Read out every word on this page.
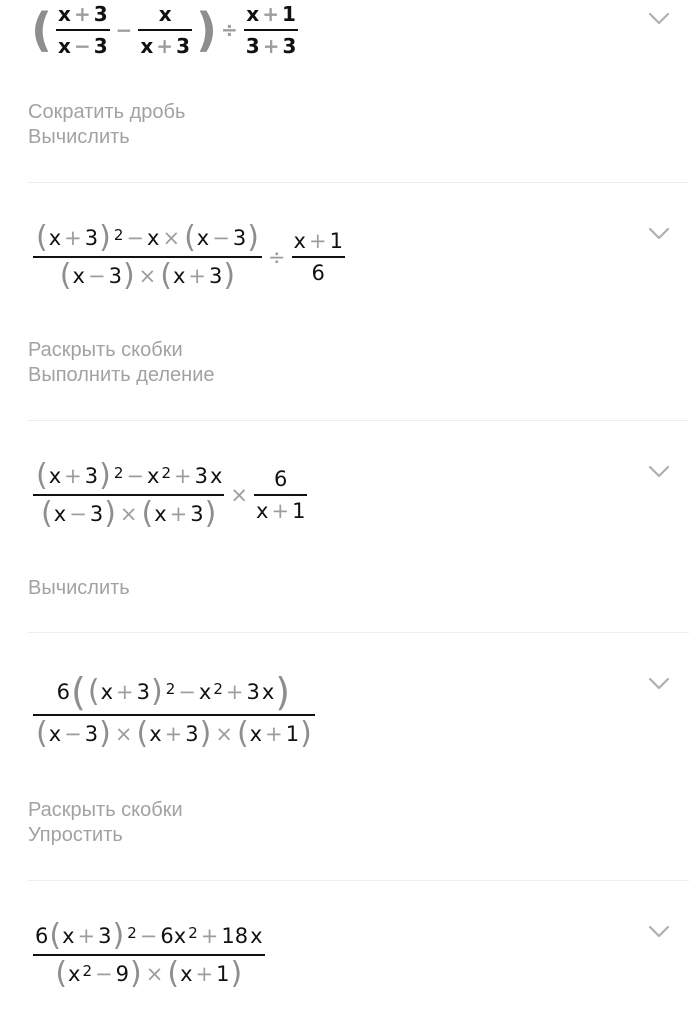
( $\frac{x + 3}{x - 3} - \frac{x}{x + 3}$ ) ÷ $\frac{x + 1}{3 + 3}$
Сократить дробь
Вычислить
$\frac{( x + 3 )^2 - x \times ( x - 3 )}{( x - 3 ) \times ( x + 3 )} \div \frac{x + 1}{6}$
Раскрыть скобки
Выполнить деление
$\frac{( x + 3 )^2 - x^2 + 3 x}{( x - 3 ) \times ( x + 3 )} \times \frac{6}{x + 1}$
Вычислить
$\frac{6 ( ( x + 3 )^2 - x^2 + 3 x )}{( x - 3 ) \times ( x + 3 ) \times ( x + 1 )}$
Раскрыть скобки
Упростить
$\frac{6 ( x + 3 )^2 - 6 x^2 + 18 x}{( x^2 - 9 ) \times ( x + 1 )}$
